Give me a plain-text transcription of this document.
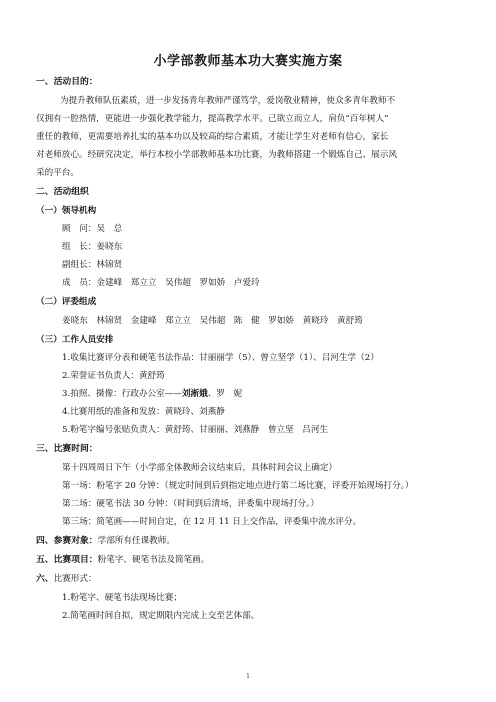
小学部教师基本功大赛实施方案
一、活动目的：
为提升教师队伍素质，进一步发扬青年教师严谨笃学，爱岗敬业精神，使众多青年教师不
仅拥有一腔热情，更能进一步强化教学能力，提高教学水平。己欲立而立人，肩负“百年树人”
重任的教师，更需要培养扎实的基本功以及较高的综合素质，才能让学生对老师有信心，家长
对老师放心。经研究决定，举行本校小学部教师基本功比赛，为教师搭建一个锻炼自己、展示风
采的平台。
二、活动组织
（一）领导机构
顾　问：吴　总
组　长：姜晓东
副组长：林锦贤
成　员：金建峰　郑立立　吴伟超　罗如娇　卢爱玲
（二）评委组成
姜晓东　林锦贤　金建峰　郑立立　吴伟超　陈　健　罗如娇　黄晓玲　黄舒筠
（三）工作人员安排
1.收集比赛评分表和硬笔书法作品：甘丽丽学（5）、曾立坚学（1）、吕河生学（2）
2.荣誉证书负责人：黄舒筠
3.拍照、摄像：行政办公室——刘淅娥、罗　妮
4.比赛用纸的准备和发放：黄晓玲、刘燕静
5.粉笔字编号张贴负责人：黄舒筠、甘丽丽、刘燕静　曾立坚　吕河生
三、比赛时间：
第十四周周日下午（小学部全体教师会议结束后，具体时间会议上确定）
第一场：粉笔字 20 分钟：（规定时间到后到指定地点进行第二场比赛，评委开始现场打分。）
第二场：硬笔书法 30 分钟：（时间到后清场，评委集中现场打分。）
第三场：简笔画——时间自定，在 12 月 11 日上交作品，评委集中流水评分。
四、参赛对象：学部所有任课教师。
五、比赛项目：粉笔字、硬笔书法及简笔画。
六、比赛形式：
1.粉笔字、硬笔书法现场比赛；
2.简笔画时间自拟，规定期限内完成上交至艺体部。
1
